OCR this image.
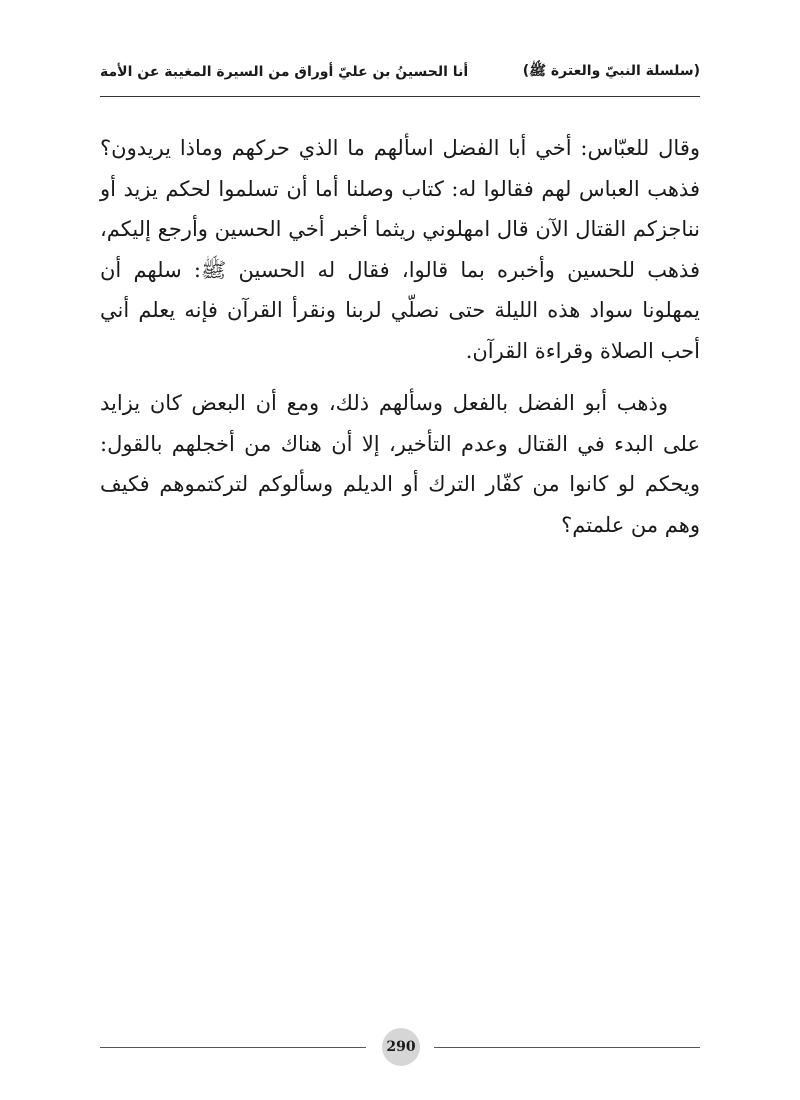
(سلسلة النبيّ والعترة ﷺ)
أنا الحسينُ بن عليّ أوراق من السيرة المغيبة عن الأمة

وقال للعبّاس: أخي أبا الفضل اسألهم ما الذي حركهم وماذا يريدون؟ فذهب العباس لهم فقالوا له: كتاب وصلنا أما أن تسلموا لحكم يزيد أو نناجزكم القتال الآن قال امهلوني ريثما أخبر أخي الحسين وأرجع إليكم، فذهب للحسين وأخبره بما قالوا، فقال له الحسين ﷺ: سلهم أن يمهلونا سواد هذه الليلة حتى نصلّي لربنا ونقرأ القرآن فإنه يعلم أني أحب الصلاة وقراءة القرآن.

وذهب أبو الفضل بالفعل وسألهم ذلك، ومع أن البعض كان يزايد على البدء في القتال وعدم التأخير، إلا أن هناك من أخجلهم بالقول: ويحكم لو كانوا من كفّار الترك أو الديلم وسألوكم لتركتموهم فكيف وهم من علمتم؟

290
